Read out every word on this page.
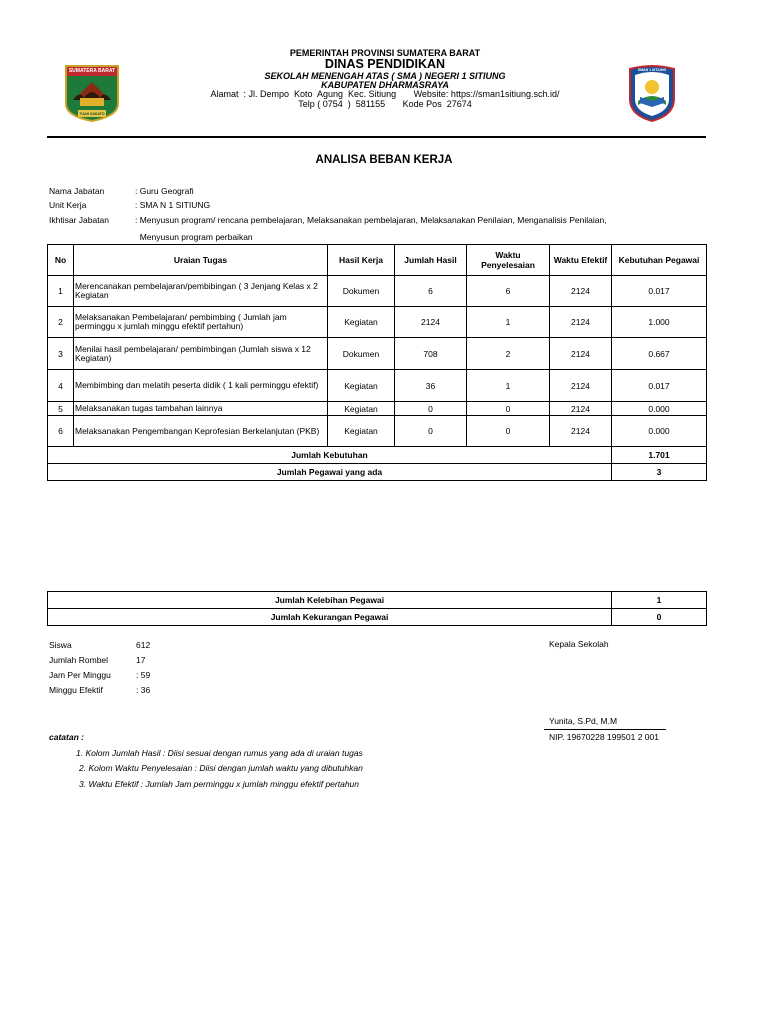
SUMATERA BARAT
TUAH SAKATO
PEMERINTAH PROVINSI SUMATERA BARAT
DINAS PENDIDIKAN
SEKOLAH MENENGAH ATAS ( SMA ) NEGERI 1 SITIUNG
KABUPATEN DHARMASRAYA
Alamat  : Jl. Dempo  Koto  Agung  Kec. Sitiung       Website: https://sman1sitiung.sch.id/
Telp ( 0754  )  581155       Kode Pos  27674
SMAN 1 SITIUNG
ANALISA BEBAN KERJA
Nama Jabatan	: Guru Geografi
Unit Kerja	: SMA N 1 SITIUNG
Ikhtisar Jabatan	: Menyusun program/ rencana pembelajaran, Melaksanakan pembelajaran, Melaksanakan Penilaian, Menganalisis Penilaian,
Menyusun program perbaikan
No	Uraian Tugas	Hasil Kerja	Jumlah Hasil	Waktu Penyelesaian	Waktu Efektif	Kebutuhan Pegawai
1	Merencanakan pembelajaran/pembibingan ( 3 Jenjang Kelas x 2 Kegiatan	Dokumen	6	6	2124	0.017
2	Melaksanakan Pembelajaran/ pembimbing ( Jumlah jam perminggu x jumlah minggu efektif pertahun)	Kegiatan	2124	1	2124	1.000
3	Menilai hasil pembelajaran/ pembimbingan (Jumlah siswa x 12 Kegiatan)	Dokumen	708	2	2124	0.667
4	Membimbing dan melatih peserta didik ( 1 kali perminggu efektif)	Kegiatan	36	1	2124	0.017
5	Melaksanakan tugas tambahan lainnya	Kegiatan	0	0	2124	0.000
6	Melaksanakan Pengembangan Keprofesian Berkelanjutan (PKB)	Kegiatan	0	0	2124	0.000
Jumlah Kebutuhan						1.701
Jumlah Pegawai yang ada						3
Jumlah Kelebihan Pegawai	1
Jumlah Kekurangan Pegawai	0
Siswa	612
Jumlah Rombel	17
Jam Per Minggu	: 59
Minggu Efektif	: 36
Kepala Sekolah
Yunita, S.Pd, M.M
NIP. 19670228 199501 2 001
catatan :
1. Kolom Jumlah Hasil : Diisi sesuai dengan rumus yang ada di uraian tugas
2. Kolom Waktu Penyelesaian : Diisi dengan jumlah waktu yang dibutuhkan
3. Waktu Efektif : Jumlah Jam perminggu x jumlah minggu efektif pertahun
